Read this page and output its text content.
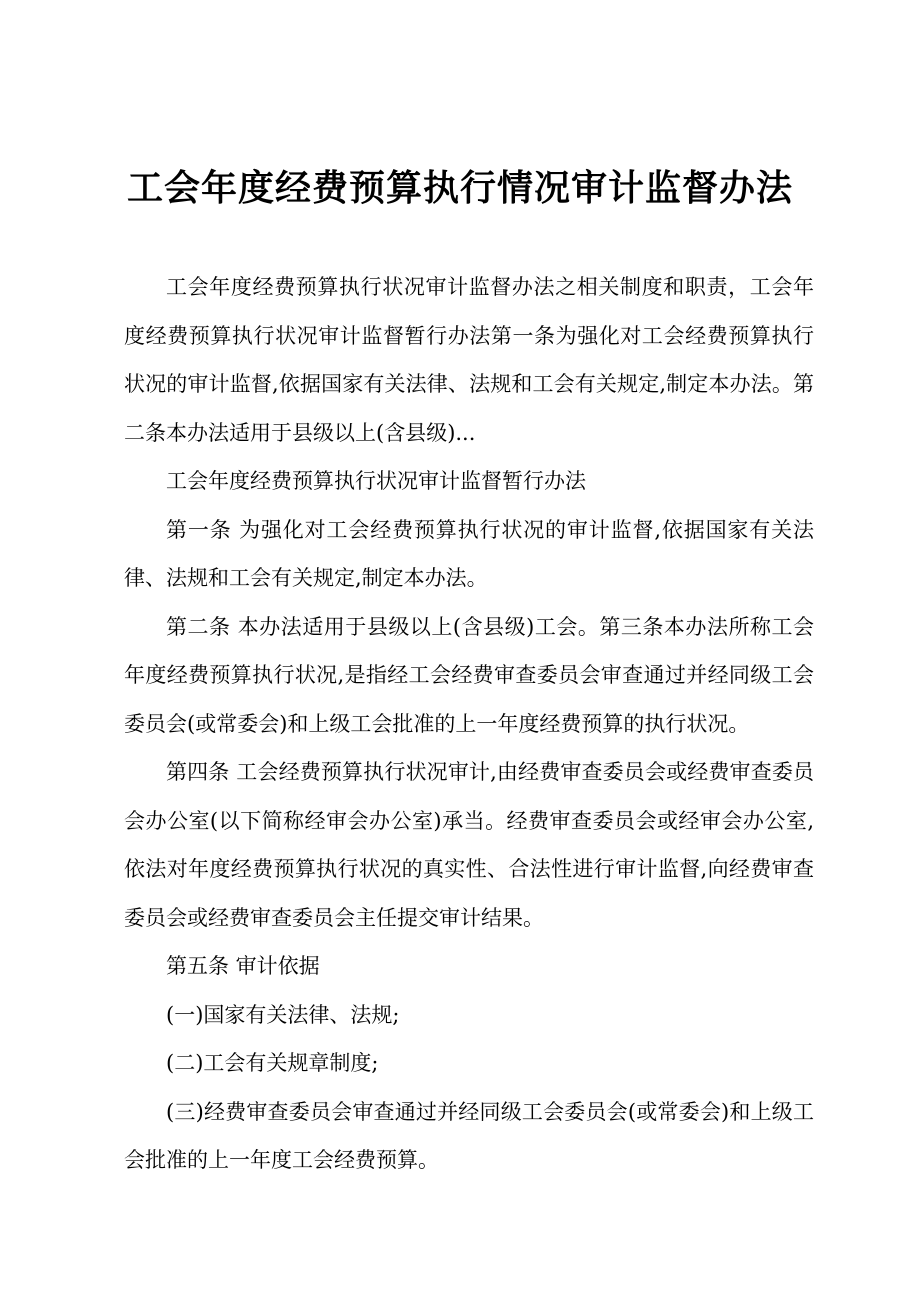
工会年度经费预算执行情况审计监督办法

工会年度经费预算执行状况审计监督办法之相关制度和职责，工会年度经费预算执行状况审计监督暂行办法第一条为强化对工会经费预算执行状况的审计监督,依据国家有关法律、法规和工会有关规定,制定本办法。第二条本办法适用于县级以上(含县级)...

工会年度经费预算执行状况审计监督暂行办法

第一条 为强化对工会经费预算执行状况的审计监督,依据国家有关法律、法规和工会有关规定,制定本办法。

第二条 本办法适用于县级以上(含县级)工会。第三条本办法所称工会年度经费预算执行状况,是指经工会经费审查委员会审查通过并经同级工会委员会(或常委会)和上级工会批准的上一年度经费预算的执行状况。

第四条 工会经费预算执行状况审计,由经费审查委员会或经费审查委员会办公室(以下简称经审会办公室)承当。经费审查委员会或经审会办公室,依法对年度经费预算执行状况的真实性、合法性进行审计监督,向经费审查委员会或经费审查委员会主任提交审计结果。

第五条 审计依据

(一)国家有关法律、法规;

(二)工会有关规章制度;

(三)经费审查委员会审查通过并经同级工会委员会(或常委会)和上级工会批准的上一年度工会经费预算。
